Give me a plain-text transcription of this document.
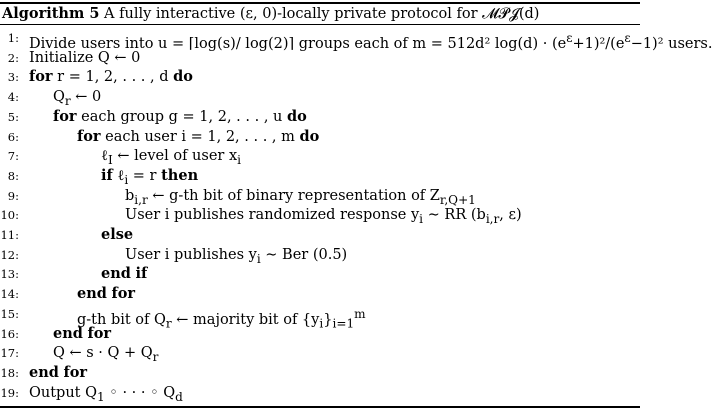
Algorithm 5 A fully interactive (ε, 0)-locally private protocol for 𝓜𝓟𝓙(d)
1: Divide users into u = ⌈log(s)/ log(2)⌉ groups each of m = 512d² $\log(d) \cdot (e^\varepsilon+1)^2/(e^\varepsilon-1)^2$ users.
2: Initialize Q ← 0
3: for r = 1, 2, . . . , d do
4: $Q_r$ ← 0
5: for each group g = 1, 2, . . . , u do
6:	for each user i = 1, 2, . . . , m do
7:	ℓ$_I$ ← level of user $x_i$
8:	if ℓ$_i$ = r then
9:	$b_{i,r}$ ← g-th bit of binary representation of $Z_{r,Q+1}$
10:	User i publishes randomized response $y_i$ ∼ RR ($b_{i,r}$, ε)
11:	else
12:	User i publishes $y_i$ ∼ Ber (0.5)
13:	end if
14:	end for
15:	g-th bit of $Q_r$ ← majority bit of $\{y_i\}_{i=1}^m$
16: end for
17: Q ← $s \cdot Q + Q_r$
18: end for
19: Output $Q_1$ ◦ · · · ◦ $Q_d$
